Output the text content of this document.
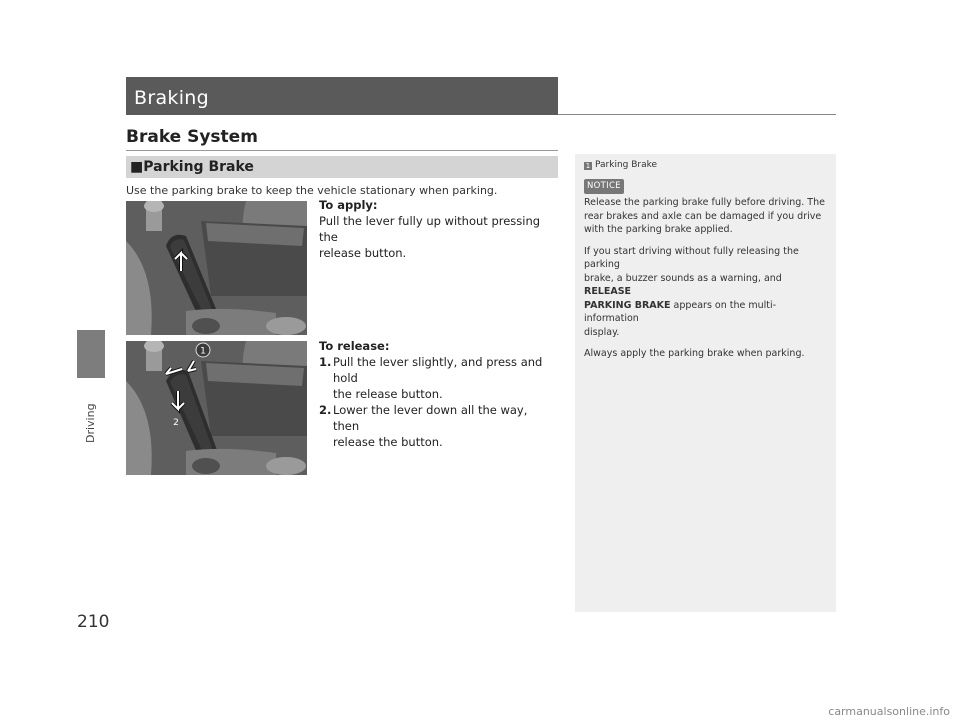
Driving
210
Braking
Brake System
■Parking Brake
Use the parking brake to keep the vehicle stationary when parking.
1
2
To apply:
Pull the lever fully up without pressing the
release button.
To release:
1. Pull the lever slightly, and press and hold
the release button.
2. Lower the lever down all the way, then
release the button.
1 Parking Brake
NOTICE

Release the parking brake fully before driving. The
rear brakes and axle can be damaged if you drive
with the parking brake applied.

If you start driving without fully releasing the parking
brake, a buzzer sounds as a warning, and RELEASE
PARKING BRAKE appears on the multi-information
display.

Always apply the parking brake when parking.

carmanualsonline.info
